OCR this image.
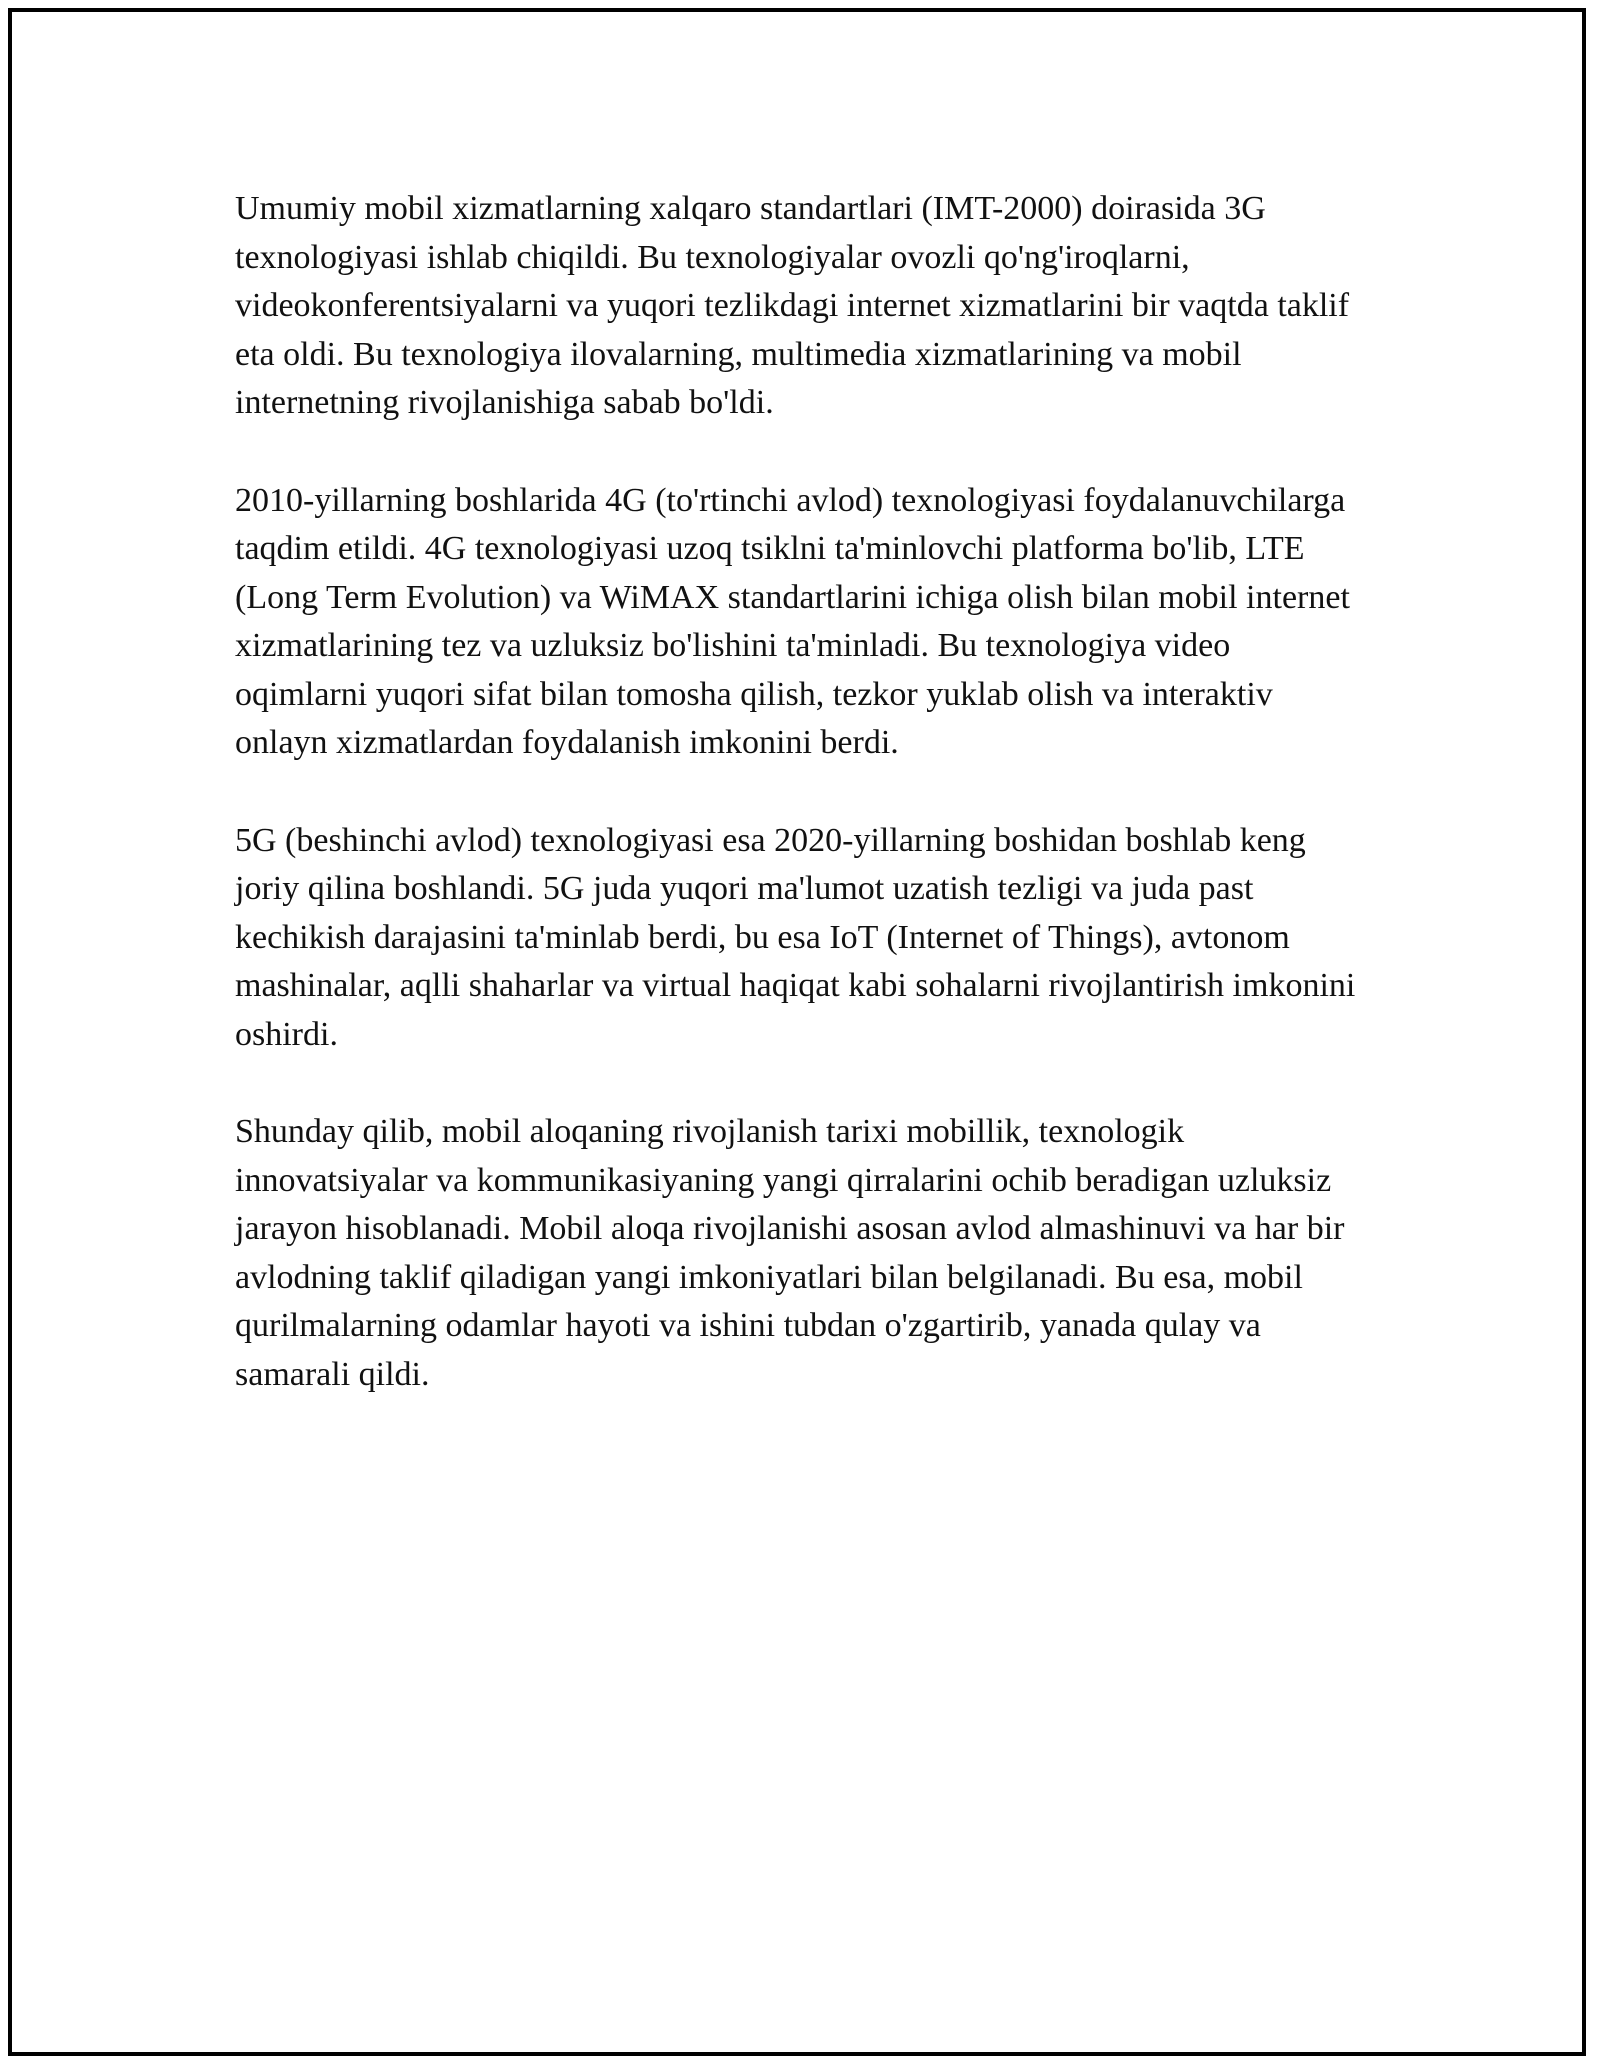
Umumiy mobil xizmatlarning xalqaro standartlari (IMT-2000) doirasida 3G texnologiyasi ishlab chiqildi. Bu texnologiyalar ovozli qo'ng'iroqlarni, videokonferentsiyalarni va yuqori tezlikdagi internet xizmatlarini bir vaqtda taklif eta oldi. Bu texnologiya ilovalarning, multimedia xizmatlarining va mobil internetning rivojlanishiga sabab bo'ldi.

2010-yillarning boshlarida 4G (to'rtinchi avlod) texnologiyasi foydalanuvchilarga taqdim etildi. 4G texnologiyasi uzoq tsiklni ta'minlovchi platforma bo'lib, LTE (Long Term Evolution) va WiMAX standartlarini ichiga olish bilan mobil internet xizmatlarining tez va uzluksiz bo'lishini ta'minladi. Bu texnologiya video oqimlarni yuqori sifat bilan tomosha qilish, tezkor yuklab olish va interaktiv onlayn xizmatlardan foydalanish imkonini berdi.

5G (beshinchi avlod) texnologiyasi esa 2020-yillarning boshidan boshlab keng joriy qilina boshlandi. 5G juda yuqori ma'lumot uzatish tezligi va juda past kechikish darajasini ta'minlab berdi, bu esa IoT (Internet of Things), avtonom mashinalar, aqlli shaharlar va virtual haqiqat kabi sohalarni rivojlantirish imkonini oshirdi.

Shunday qilib, mobil aloqaning rivojlanish tarixi mobillik, texnologik innovatsiyalar va kommunikasiyaning yangi qirralarini ochib beradigan uzluksiz jarayon hisoblanadi. Mobil aloqa rivojlanishi asosan avlod almashinuvi va har bir avlodning taklif qiladigan yangi imkoniyatlari bilan belgilanadi. Bu esa, mobil qurilmalarning odamlar hayoti va ishini tubdan o'zgartirib, yanada qulay va samarali qildi.
